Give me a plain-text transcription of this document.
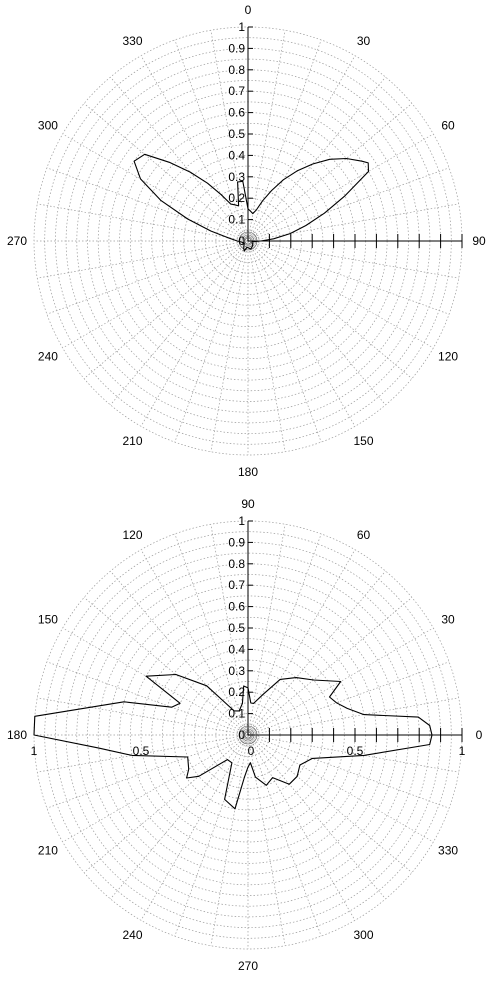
0
0.1
0.2
0.3
0.4
0.5
0.6
0.7
0.8
0.9
1
0
30
60
90
120
150
180
210
240
270
300
330
0
0.1
0.2
0.3
0.4
0.5
0.6
0.7
0.8
0.9
1
0
30
60
90
120
150
180
210
240
270
300
330
1	0.5	0	0.5	1
